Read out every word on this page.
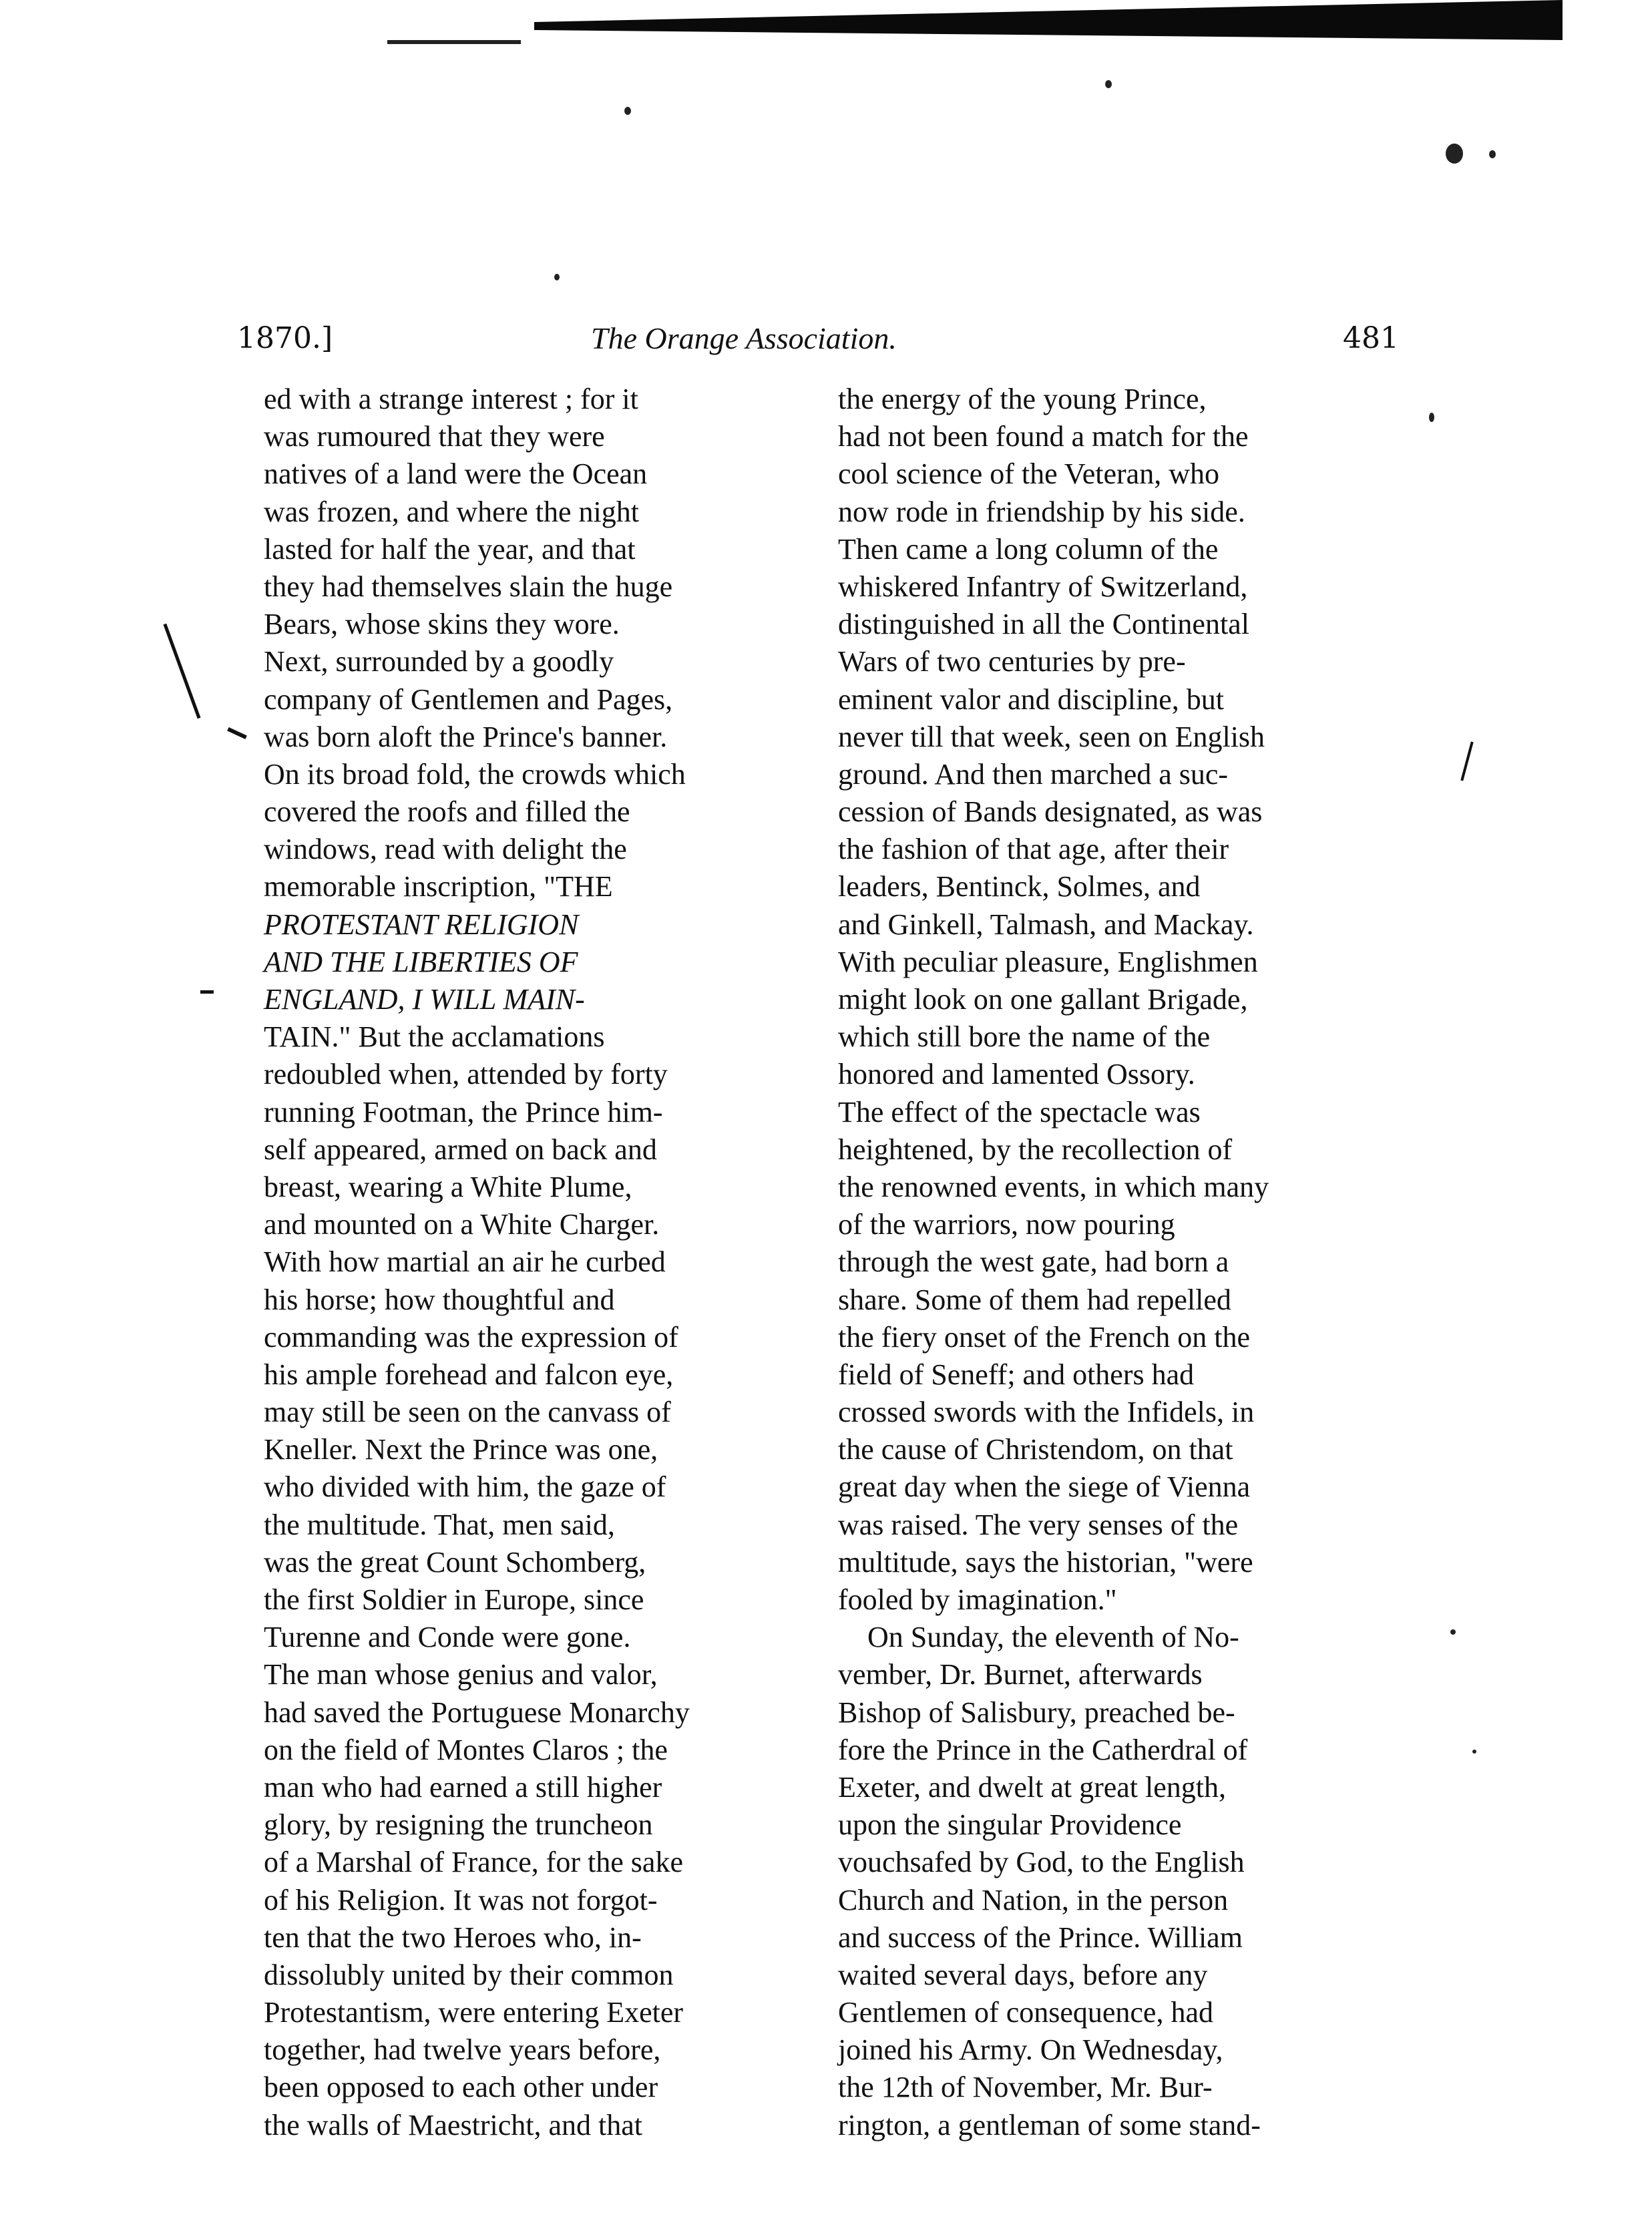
1870.]	The Orange Association.	481
ed with a strange interest ; for it
was rumoured that they were
natives of a land were the Ocean
was frozen, and where the night
lasted for half the year, and that
they had themselves slain the huge
Bears, whose skins they wore.
Next, surrounded by a goodly
company of Gentlemen and Pages,
was born aloft the Prince's banner.
On its broad fold, the crowds which
covered the roofs and filled the
windows, read with delight the
memorable inscription, "THE
PROTESTANT RELIGION
AND THE LIBERTIES OF
ENGLAND, I WILL MAIN-
TAIN." But the acclamations
redoubled when, attended by forty
running Footman, the Prince him-
self appeared, armed on back and
breast, wearing a White Plume,
and mounted on a White Charger.
With how martial an air he curbed
his horse; how thoughtful and
commanding was the expression of
his ample forehead and falcon eye,
may still be seen on the canvass of
Kneller. Next the Prince was one,
who divided with him, the gaze of
the multitude. That, men said,
was the great Count Schomberg,
the first Soldier in Europe, since
Turenne and Conde were gone.
The man whose genius and valor,
had saved the Portuguese Monarchy
on the field of Montes Claros ; the
man who had earned a still higher
glory, by resigning the truncheon
of a Marshal of France, for the sake
of his Religion. It was not forgot-
ten that the two Heroes who, in-
dissolubly united by their common
Protestantism, were entering Exeter
together, had twelve years before,
been opposed to each other under
the walls of Maestricht, and that
the energy of the young Prince,
had not been found a match for the
cool science of the Veteran, who
now rode in friendship by his side.
Then came a long column of the
whiskered Infantry of Switzerland,
distinguished in all the Continental
Wars of two centuries by pre-
eminent valor and discipline, but
never till that week, seen on English
ground. And then marched a suc-
cession of Bands designated, as was
the fashion of that age, after their
leaders, Bentinck, Solmes, and
and Ginkell, Talmash, and Mackay.
With peculiar pleasure, Englishmen
might look on one gallant Brigade,
which still bore the name of the
honored and lamented Ossory.
The effect of the spectacle was
heightened, by the recollection of
the renowned events, in which many
of the warriors, now pouring
through the west gate, had born a
share. Some of them had repelled
the fiery onset of the French on the
field of Seneff; and others had
crossed swords with the Infidels, in
the cause of Christendom, on that
great day when the siege of Vienna
was raised. The very senses of the
multitude, says the historian, "were
fooled by imagination."
On Sunday, the eleventh of No-
vember, Dr. Burnet, afterwards
Bishop of Salisbury, preached be-
fore the Prince in the Catherdral of
Exeter, and dwelt at great length,
upon the singular Providence
vouchsafed by God, to the English
Church and Nation, in the person
and success of the Prince. William
waited several days, before any
Gentlemen of consequence, had
joined his Army. On Wednesday,
the 12th of November, Mr. Bur-
rington, a gentleman of some stand-
